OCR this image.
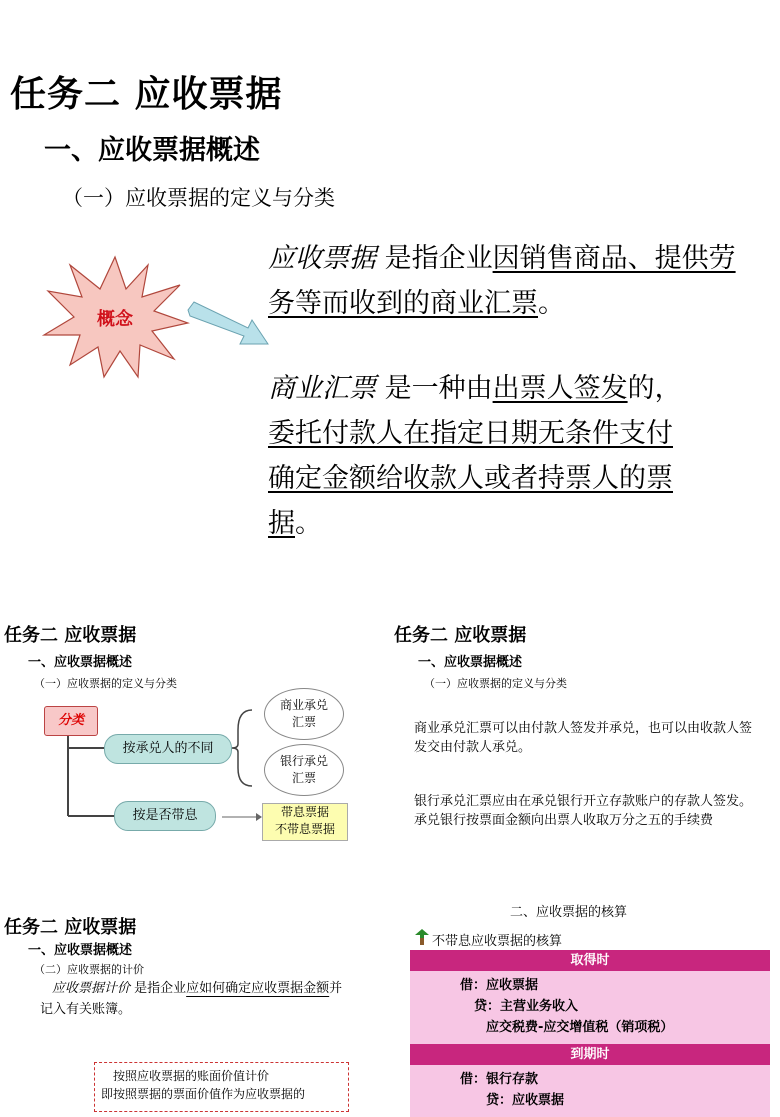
任务二 应收票据
一、应收票据概述
（一）应收票据的定义与分类
概念
应收票据 是指企业因销售商品、提供劳务等而收到的商业汇票。
商业汇票 是一种由出票人签发的，委托付款人在指定日期无条件支付确定金额给收款人或者持票人的票据。
任务二 应收票据
一、应收票据概述
（一）应收票据的定义与分类
分类
按承兑人的不同
按是否带息
商业承兑汇票
银行承兑汇票
带息票据
不带息票据
任务二 应收票据
一、应收票据概述
（一）应收票据的定义与分类
商业承兑汇票可以由付款人签发并承兑，也可以由收款人签发交由付款人承兑。
银行承兑汇票应由在承兑银行开立存款账户的存款人签发。承兑银行按票面金额向出票人收取万分之五的手续费
任务二 应收票据
一、应收票据概述
（二）应收票据的计价
应收票据计价 是指企业应如何确定应收票据金额并记入有关账簿。
按照应收票据的账面价值计价
即按照票据的票面价值作为应收票据的
二、应收票据的核算
不带息应收票据的核算
取得时
借：应收票据
贷：主营业务收入
应交税费-应交增值税（销项税）
到期时
借：银行存款
贷：应收票据
